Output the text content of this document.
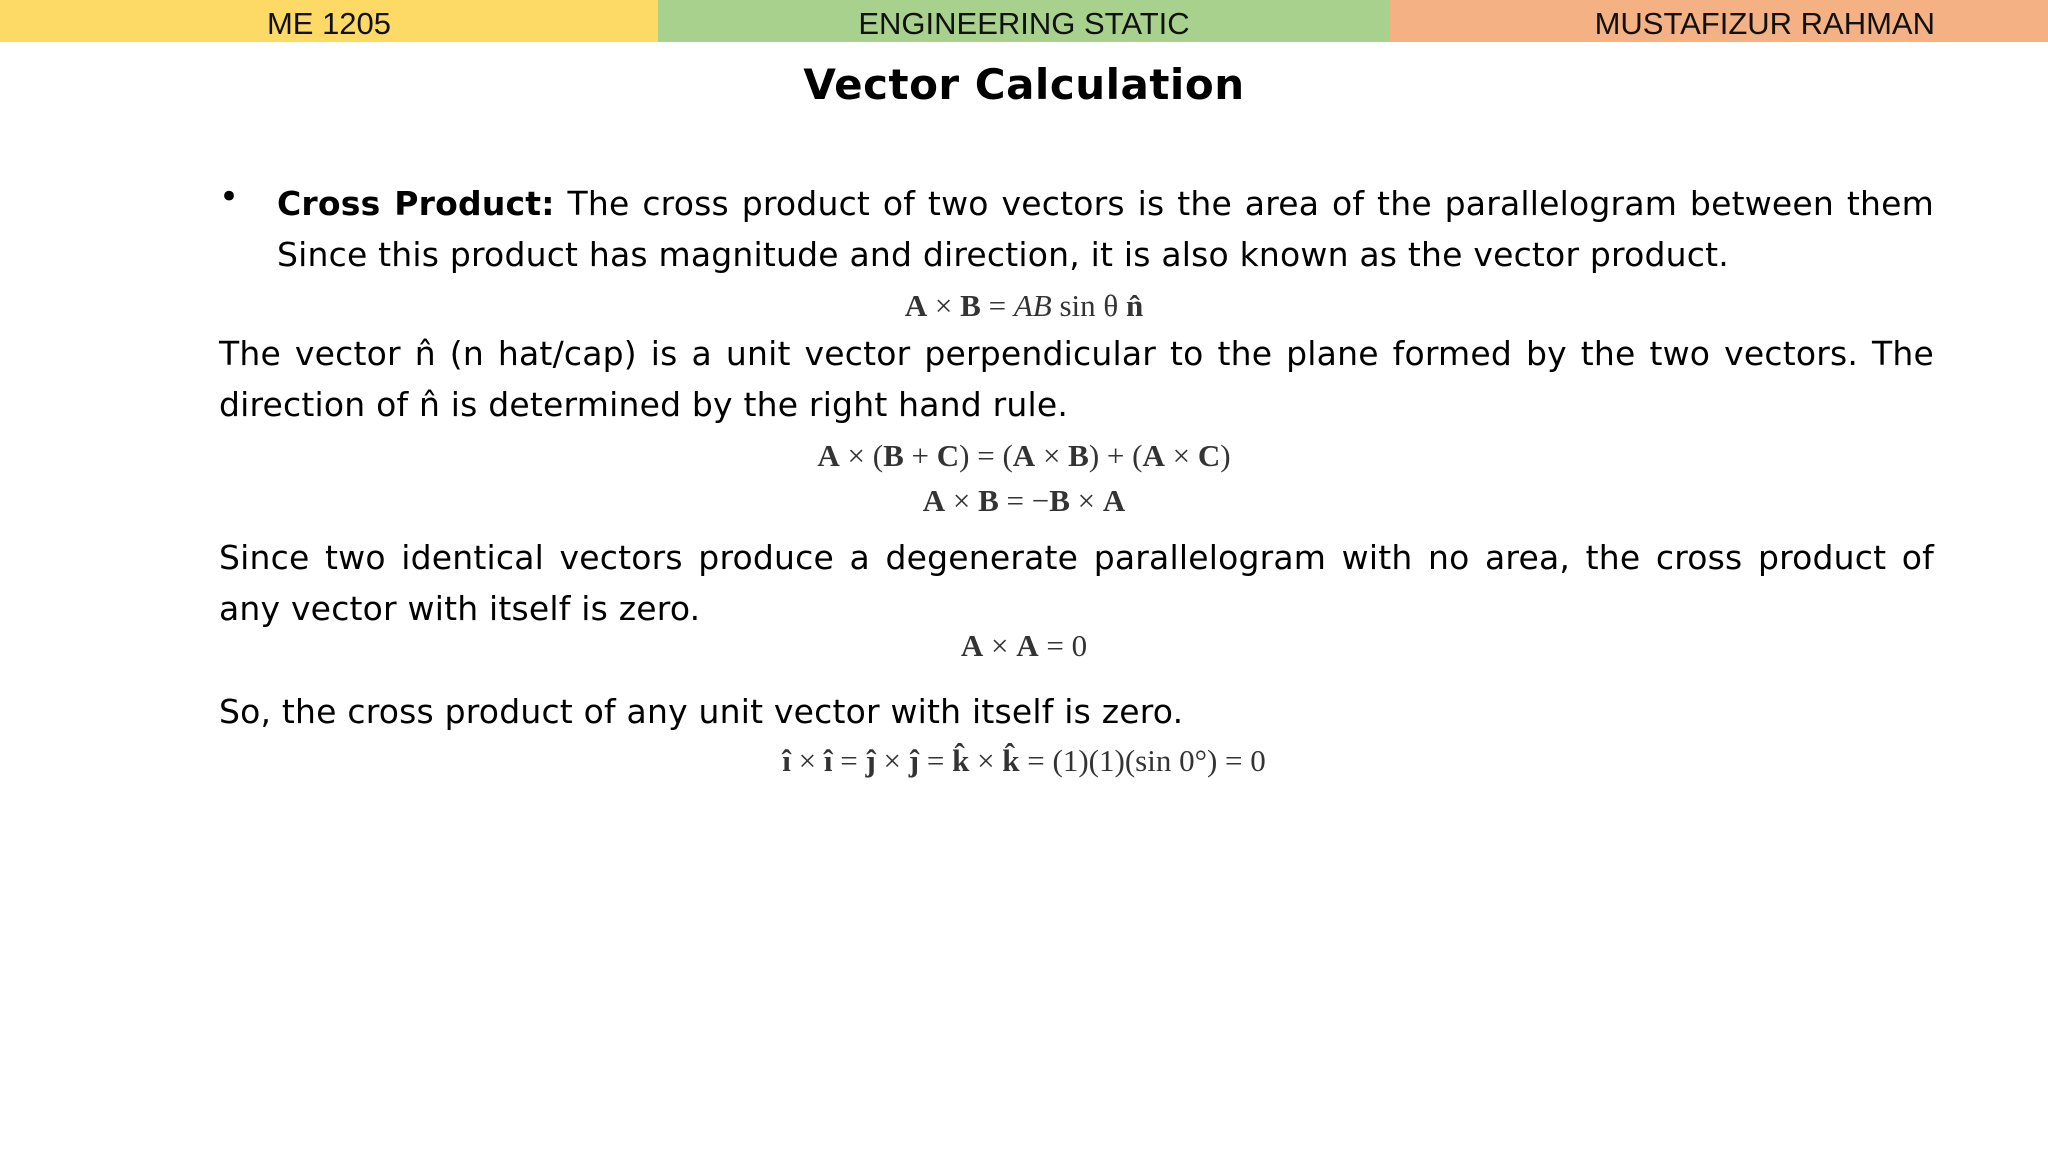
ME 1205	ENGINEERING STATIC	MUSTAFIZUR RAHMAN
Vector Calculation
• Cross Product: The cross product of two vectors is the area of the parallelogram between them Since this product has magnitude and direction, it is also known as the vector product.
A × B = AB sin θ n̂
The vector n̂ (n hat/cap) is a unit vector perpendicular to the plane formed by the two vectors. The direction of n̂ is determined by the right hand rule.
A × (B + C) = (A × B) + (A × C)
A × B = −B × A
Since two identical vectors produce a degenerate parallelogram with no area, the cross product of any vector with itself is zero.
A × A = 0
So, the cross product of any unit vector with itself is zero.
î × î = ĵ × ĵ = k̂ × k̂ = (1)(1)(sin 0°) = 0
